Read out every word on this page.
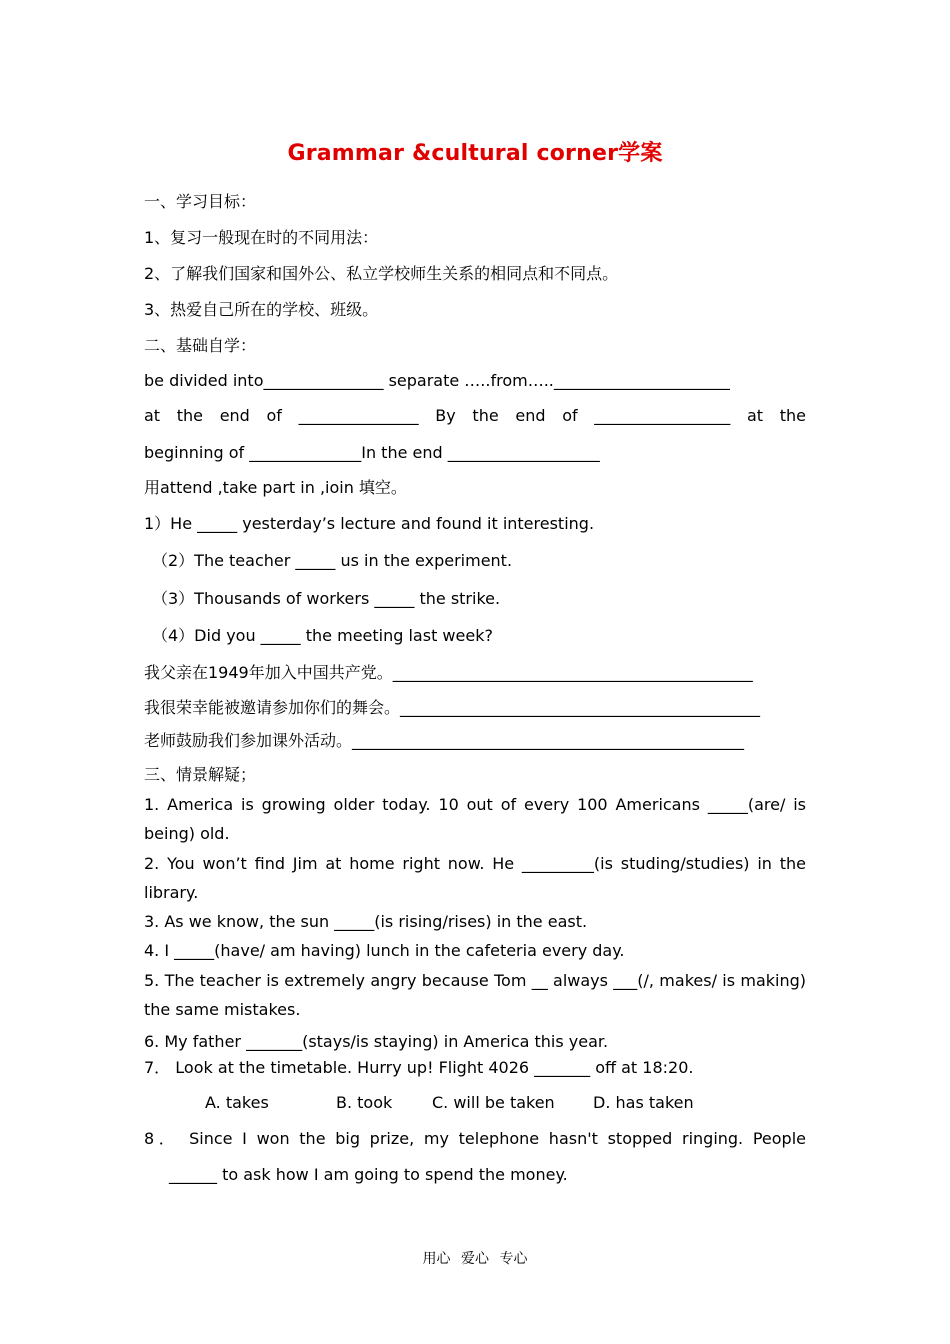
Grammar &cultural corner学案
一、学习目标：
1、复习一般现在时的不同用法：
2、了解我们国家和国外公、私立学校师生关系的相同点和不同点。
3、热爱自己所在的学校、班级。
二、基础自学：
be divided into_______________ separate …..from…..______________________
at the end of _______________ By the end of _________________ at the
beginning of ______________In the end ___________________
用attend ,take part in ,ioin 填空。
1）He _____ yesterday’s lecture and found it interesting.
（2）The teacher _____ us in the experiment.
（3）Thousands of workers _____ the strike.
（4）Did you _____ the meeting last week?
我父亲在1949年加入中国共产党。_____________________________________________
我很荣幸能被邀请参加你们的舞会。_____________________________________________
老师鼓励我们参加课外活动。_________________________________________________
三、情景解疑；
1. America is growing older today. 10 out of every 100 Americans _____(are/ is being) old.
2. You won’t find Jim at home right now. He _________(is studing/studies) in the library.
3. As we know, the sun _____(is rising/rises) in the east.
4. I _____(have/ am having) lunch in the cafeteria every day.
5. The teacher is extremely angry because Tom __ always ___(/, makes/ is making) the same mistakes.
6. My father _______(stays/is staying) in America this year.
7． Look at the timetable. Hurry up! Flight 4026 _______ off at 18:20.
A. takes	B. took C. will be taken D. has taken
8． Since I won the big prize, my telephone hasn't stopped ringing. People
______ to ask how I am going to spend the money.
用心 爱心 专心
